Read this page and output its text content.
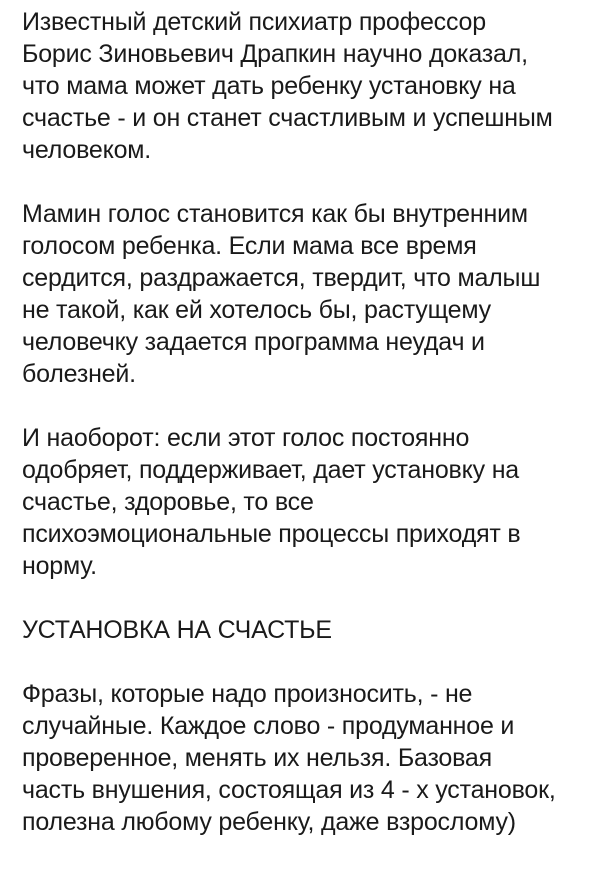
Известный детский психиатр профессор
Борис Зиновьевич Драпкин научно доказал,
что мама может дать ребенку установку на
счастье - и он станет счастливым и успешным
человеком.

Мамин голос становится как бы внутренним
голосом ребенка. Если мама все время
сердится, раздражается, твердит, что малыш
не такой, как ей хотелось бы, растущему
человечку задается программа неудач и
болезней.

И наоборот: если этот голос постоянно
одобряет, поддерживает, дает установку на
счастье, здоровье, то все
психоэмоциональные процессы приходят в
норму.

УСТАНОВКА НА СЧАСТЬЕ

Фразы, которые надо произносить, - не
случайные. Каждое слово - продуманное и
проверенное, менять их нельзя. Базовая
часть внушения, состоящая из 4 - х установок,
полезна любому ребенку, даже взрослому)
